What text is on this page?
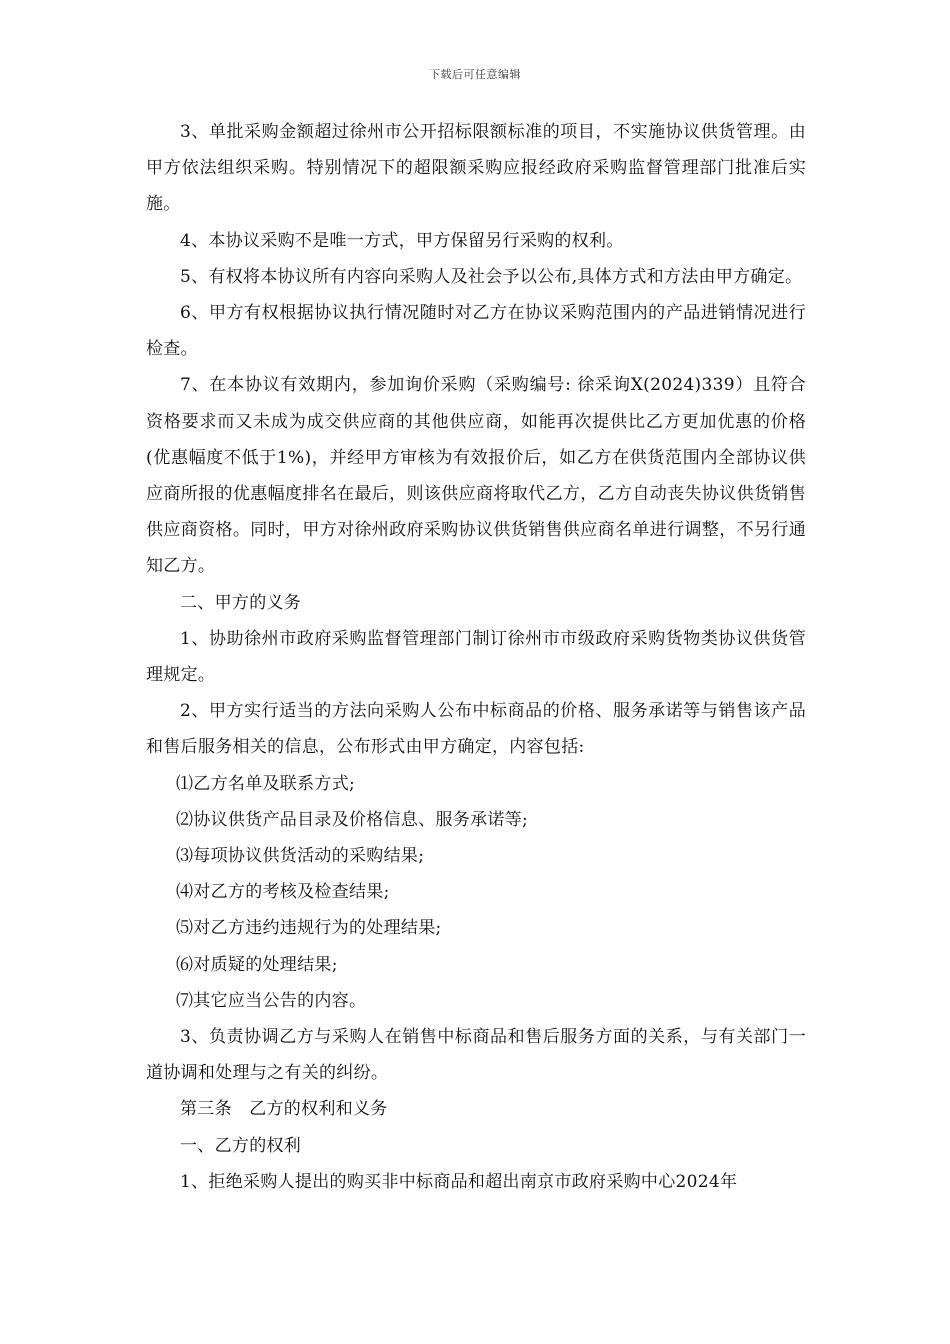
下载后可任意编辑

3、单批采购金额超过徐州市公开招标限额标准的项目，不实施协议供货管理。由甲方依法组织采购。特别情况下的超限额采购应报经政府采购监督管理部门批准后实施。

4、本协议采购不是唯一方式，甲方保留另行采购的权利。

5、有权将本协议所有内容向采购人及社会予以公布,具体方式和方法由甲方确定。

6、甲方有权根据协议执行情况随时对乙方在协议采购范围内的产品进销情况进行检查。

7、在本协议有效期内，参加询价采购（采购编号: 徐采询X(2024)339）且符合资格要求而又未成为成交供应商的其他供应商，如能再次提供比乙方更加优惠的价格(优惠幅度不低于1%)，并经甲方审核为有效报价后，如乙方在供货范围内全部协议供应商所报的优惠幅度排名在最后，则该供应商将取代乙方，乙方自动丧失协议供货销售供应商资格。同时，甲方对徐州政府采购协议供货销售供应商名单进行调整，不另行通知乙方。

二、甲方的义务

1、协助徐州市政府采购监督管理部门制订徐州市市级政府采购货物类协议供货管理规定。

2、甲方实行适当的方法向采购人公布中标商品的价格、服务承诺等与销售该产品和售后服务相关的信息，公布形式由甲方确定，内容包括:

⑴乙方名单及联系方式;

⑵协议供货产品目录及价格信息、服务承诺等;

⑶每项协议供货活动的采购结果;

⑷对乙方的考核及检查结果;

⑸对乙方违约违规行为的处理结果;

⑹对质疑的处理结果;

⑺其它应当公告的内容。

3、负责协调乙方与采购人在销售中标商品和售后服务方面的关系，与有关部门一道协调和处理与之有关的纠纷。

第三条　乙方的权利和义务

一、乙方的权利

1、拒绝采购人提出的购买非中标商品和超出南京市政府采购中心2024年
